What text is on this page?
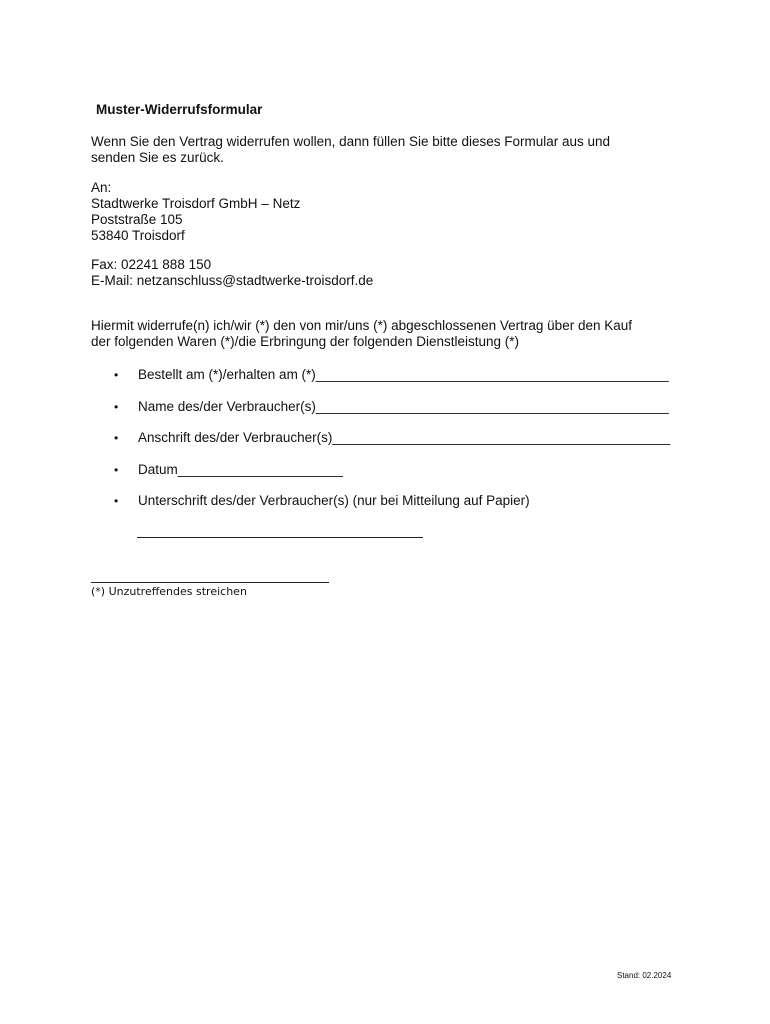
Muster-Widerrufsformular
Wenn Sie den Vertrag widerrufen wollen, dann füllen Sie bitte dieses Formular aus und
senden Sie es zurück.
An:
Stadtwerke Troisdorf GmbH – Netz
Poststraße 105
53840 Troisdorf
Fax: 02241 888 150
E-Mail: netzanschluss@stadtwerke-troisdorf.de
Hiermit widerrufe(n) ich/wir (*) den von mir/uns (*) abgeschlossenen Vertrag über den Kauf
der folgenden Waren (*)/die Erbringung der folgenden Dienstleistung (*)
• Bestellt am (*)/erhalten am (*)_______________________________________________
• Name des/der Verbraucher(s)_______________________________________________
• Anschrift des/der Verbraucher(s)_____________________________________________
• Datum______________________
• Unterschrift des/der Verbraucher(s) (nur bei Mitteilung auf Papier)
(*) Unzutreffendes streichen
Stand: 02.2024
